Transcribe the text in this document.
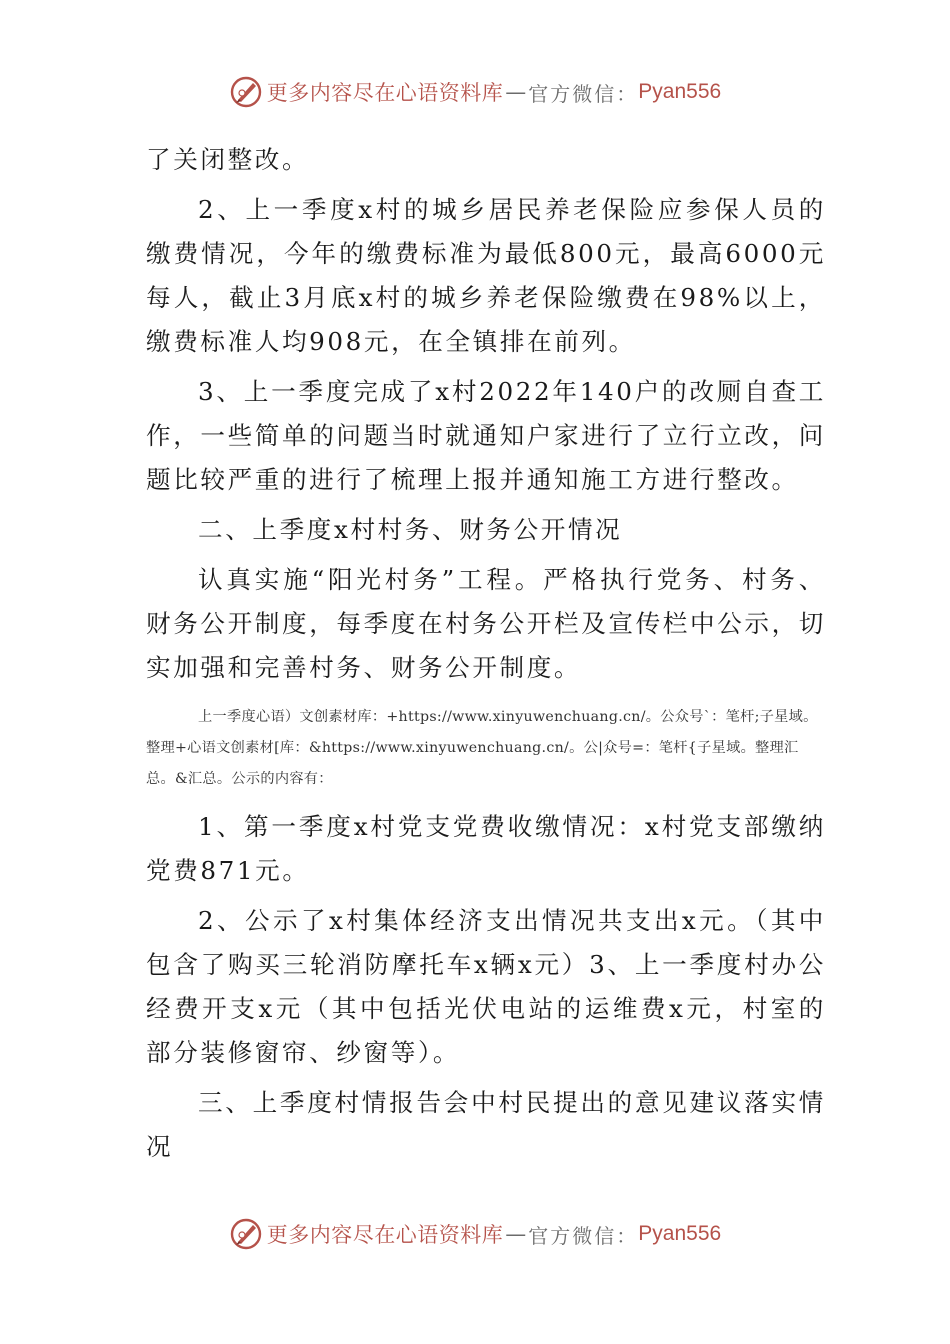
更多内容尽在心语资料库 — 官方微信： Pyan556

了关闭整改。

2、上一季度x村的城乡居民养老保险应参保人员的缴费情况，今年的缴费标准为最低800元，最高6000元每人，截止3月底x村的城乡养老保险缴费在98%以上，缴费标准人均908元，在全镇排在前列。

3、上一季度完成了x村2022年140户的改厕自查工作，一些简单的问题当时就通知户家进行了立行立改，问题比较严重的进行了梳理上报并通知施工方进行整改。

二、上季度x村村务、财务公开情况

认真实施“阳光村务”工程。严格执行党务、村务、财务公开制度，每季度在村务公开栏及宣传栏中公示，切实加强和完善村务、财务公开制度。

上一季度心语）文创素材库：+https://www.xinyuwenchuang.cn/。公众号`：笔杆;子星域。整理+心语文创素材[库：&https://www.xinyuwenchuang.cn/。公|众号=：笔杆{子星域。整理汇总。&汇总。公示的内容有：

1、第一季度x村党支党费收缴情况：x村党支部缴纳党费871元。

2、公示了x村集体经济支出情况共支出x元。（其中包含了购买三轮消防摩托车x辆x元）3、上一季度村办公经费开支x元（其中包括光伏电站的运维费x元，村室的部分装修窗帘、纱窗等）。

三、上季度村情报告会中村民提出的意见建议落实情况

更多内容尽在心语资料库 — 官方微信： Pyan556
